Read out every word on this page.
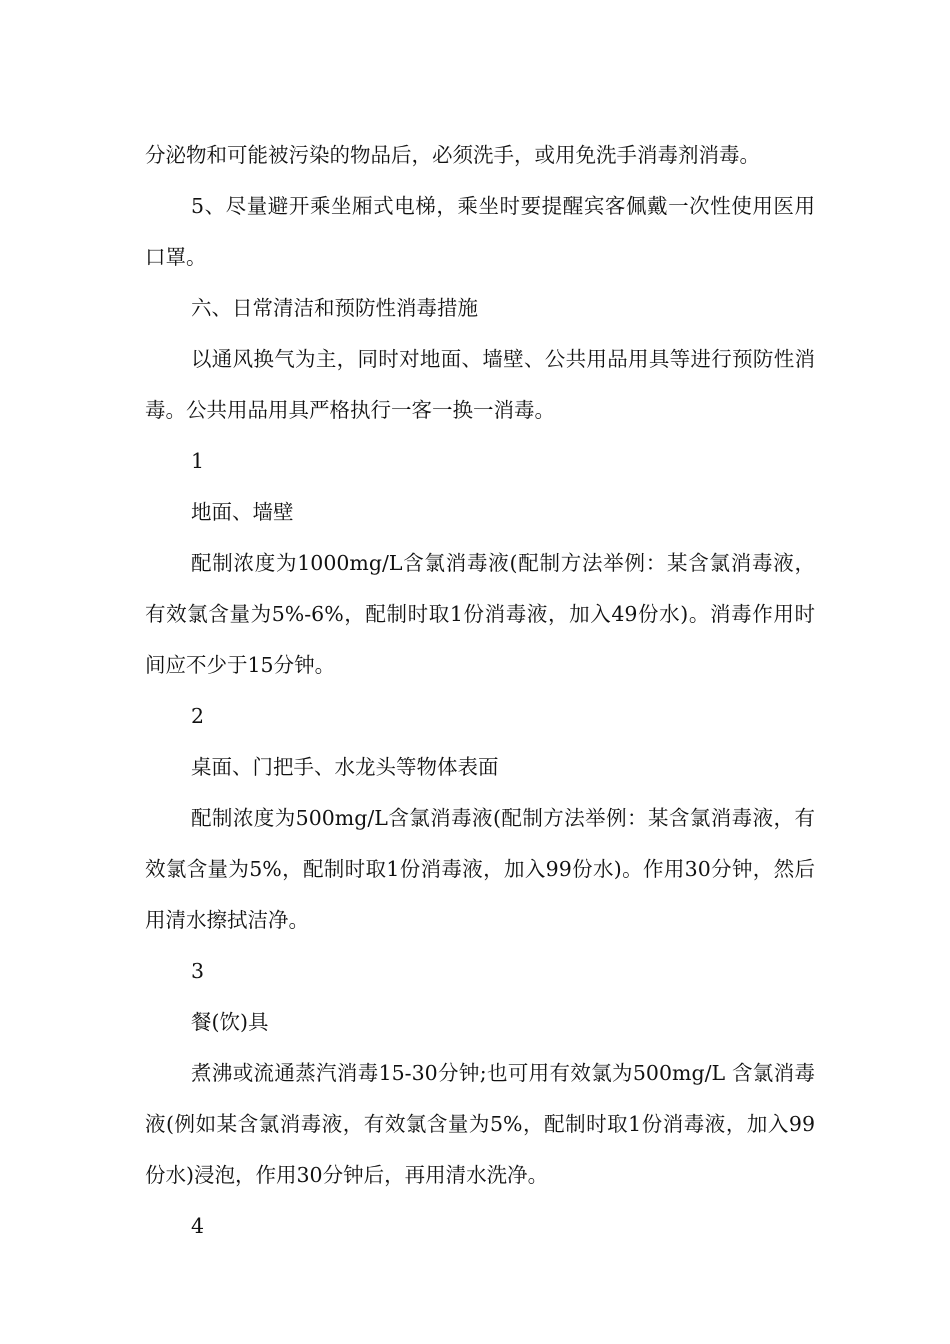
分泌物和可能被污染的物品后，必须洗手，或用免洗手消毒剂消毒。

5、尽量避开乘坐厢式电梯，乘坐时要提醒宾客佩戴一次性使用医用口罩。

六、日常清洁和预防性消毒措施

以通风换气为主，同时对地面、墙壁、公共用品用具等进行预防性消毒。公共用品用具严格执行一客一换一消毒。

1

地面、墙壁

配制浓度为1000mg/L含氯消毒液(配制方法举例：某含氯消毒液，有效氯含量为5%-6%，配制时取1份消毒液，加入49份水)。消毒作用时间应不少于15分钟。

2

桌面、门把手、水龙头等物体表面

配制浓度为500mg/L含氯消毒液(配制方法举例：某含氯消毒液，有效氯含量为5%，配制时取1份消毒液，加入99份水)。作用30分钟，然后用清水擦拭洁净。

3

餐(饮)具

煮沸或流通蒸汽消毒15-30分钟;也可用有效氯为500mg/L 含氯消毒液(例如某含氯消毒液，有效氯含量为5%，配制时取1份消毒液，加入99份水)浸泡，作用30分钟后，再用清水洗净。

4
